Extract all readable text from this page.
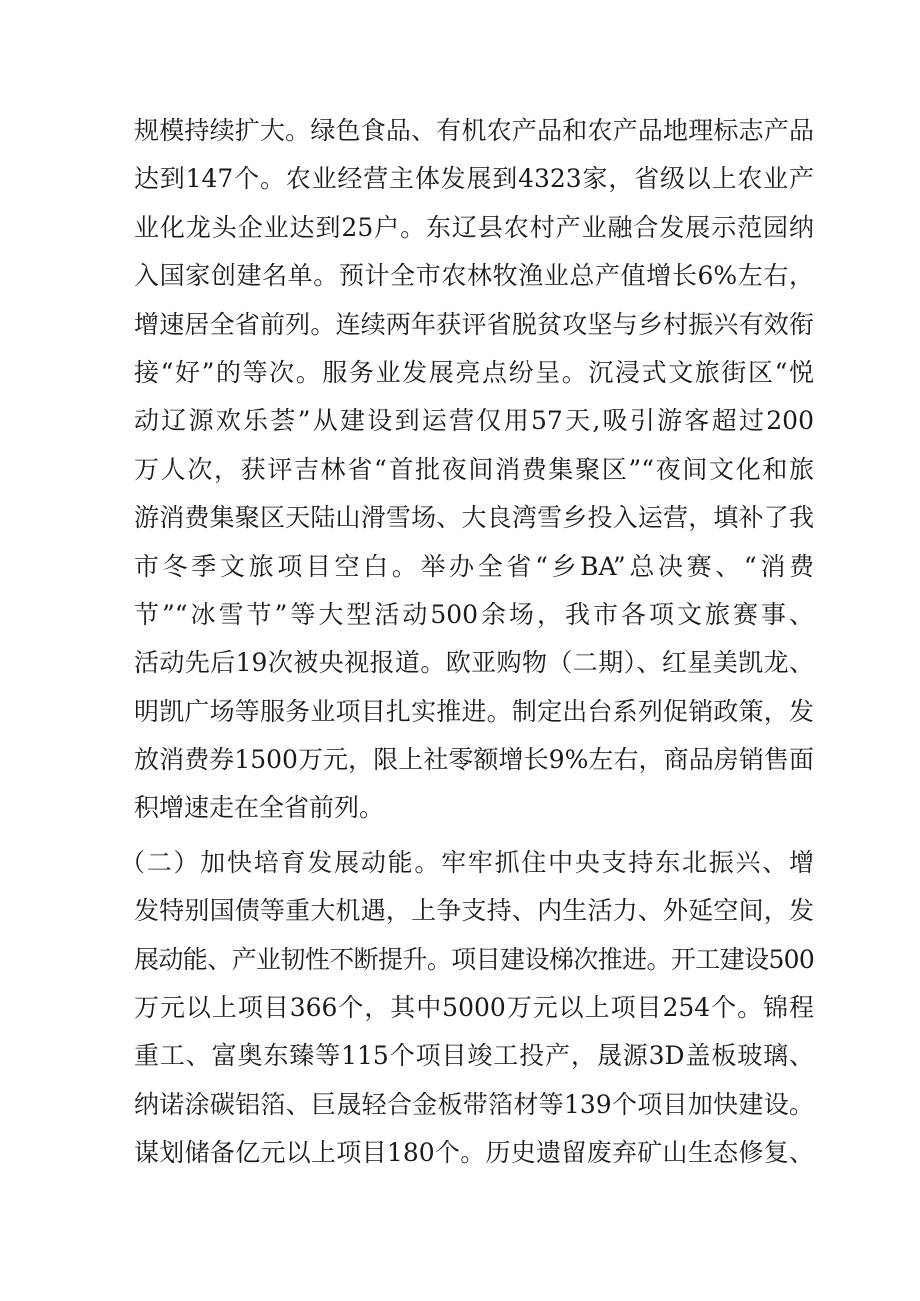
规模持续扩大。绿色食品、有机农产品和农产品地理标志产品
达到147个。农业经营主体发展到4323家，省级以上农业产
业化龙头企业达到25户。东辽县农村产业融合发展示范园纳
入国家创建名单。预计全市农林牧渔业总产值增长6%左右，
增速居全省前列。连续两年获评省脱贫攻坚与乡村振兴有效衔
接“好”的等次。服务业发展亮点纷呈。沉浸式文旅街区“悦
动辽源欢乐荟”从建设到运营仅用57天,吸引游客超过200
万人次，获评吉林省“首批夜间消费集聚区”“夜间文化和旅
游消费集聚区天陆山滑雪场、大良湾雪乡投入运营，填补了我
市冬季文旅项目空白。举办全省“乡BA”总决赛、“消费
节”“冰雪节”等大型活动500余场，我市各项文旅赛事、
活动先后19次被央视报道。欧亚购物（二期）、红星美凯龙、
明凯广场等服务业项目扎实推进。制定出台系列促销政策，发
放消费券1500万元，限上社零额增长9%左右，商品房销售面
积增速走在全省前列。
（二）加快培育发展动能。牢牢抓住中央支持东北振兴、增
发特别国债等重大机遇，上争支持、内生活力、外延空间，发
展动能、产业韧性不断提升。项目建设梯次推进。开工建设500
万元以上项目366个，其中5000万元以上项目254个。锦程
重工、富奥东臻等115个项目竣工投产，晟源3D盖板玻璃、
纳诺涂碳铝箔、巨晟轻合金板带箔材等139个项目加快建设。
谋划储备亿元以上项目180个。历史遗留废弃矿山生态修复、
